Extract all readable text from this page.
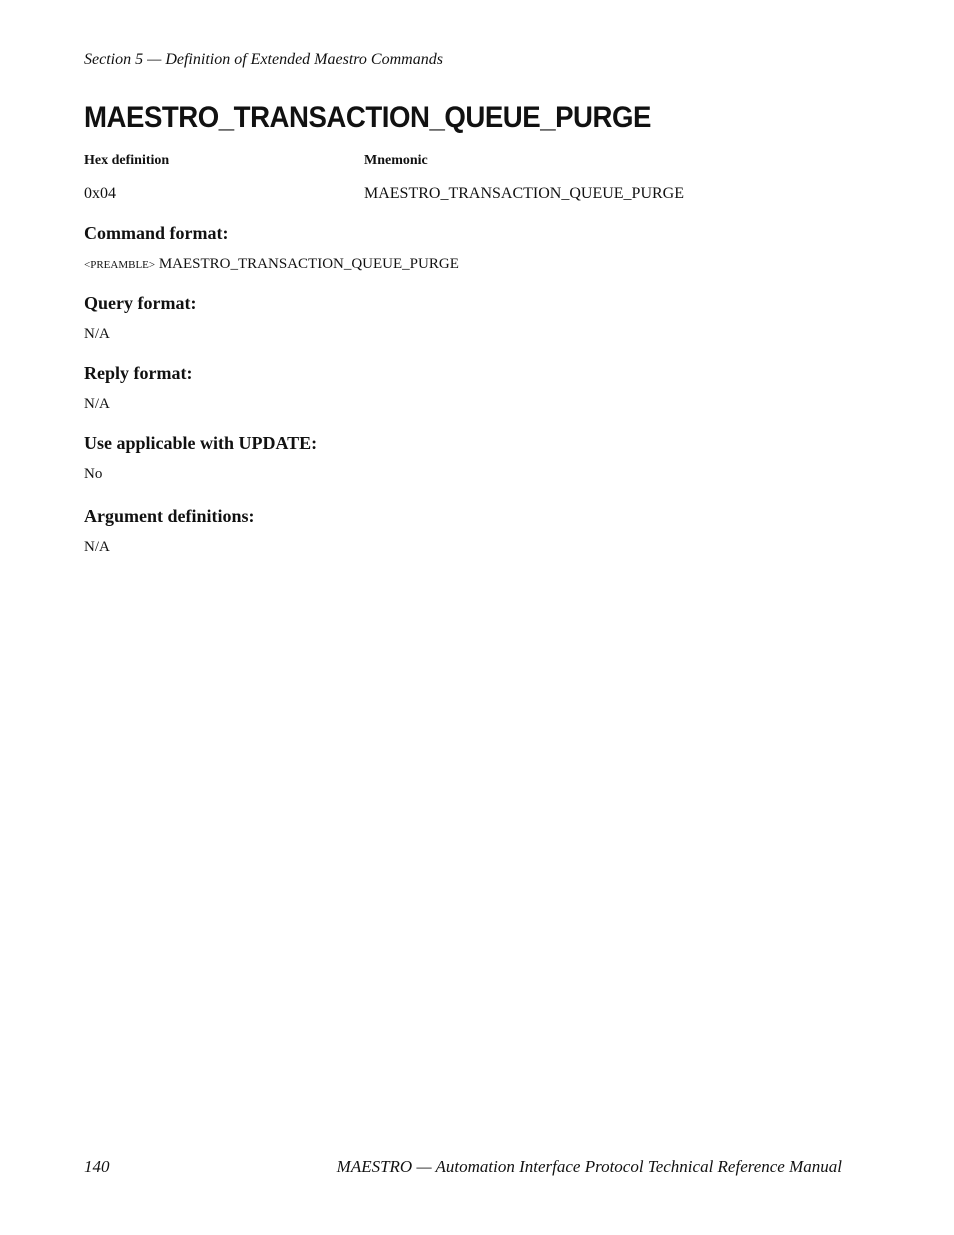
Section 5 — Definition of Extended Maestro Commands
MAESTRO_TRANSACTION_QUEUE_PURGE
Hex definition	Mnemonic
0x04	MAESTRO_TRANSACTION_QUEUE_PURGE
Command format:
<PREAMBLE> MAESTRO_TRANSACTION_QUEUE_PURGE
Query format:
N/A
Reply format:
N/A
Use applicable with UPDATE:
No
Argument definitions:
N/A
140	MAESTRO — Automation Interface Protocol Technical Reference Manual
